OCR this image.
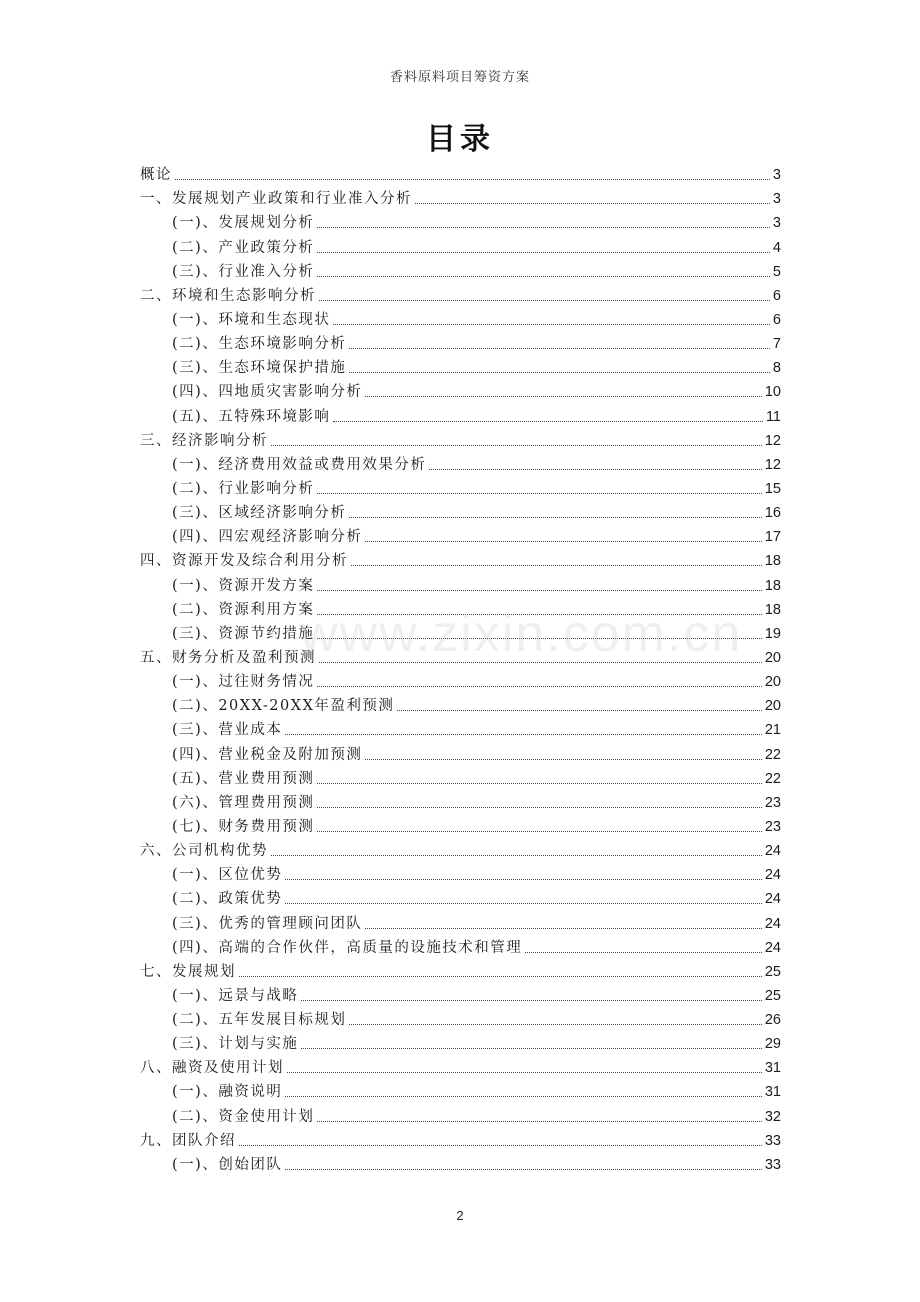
香料原料项目筹资方案
目录
概论	3
一、发展规划产业政策和行业准入分析	3
(一)、发展规划分析	3
(二)、产业政策分析	4
(三)、行业准入分析	5
二、环境和生态影响分析	6
(一)、环境和生态现状	6
(二)、生态环境影响分析	7
(三)、生态环境保护措施	8
(四)、四地质灾害影响分析	10
(五)、五特殊环境影响	11
三、经济影响分析	12
(一)、经济费用效益或费用效果分析	12
(二)、行业影响分析	15
(三)、区域经济影响分析	16
(四)、四宏观经济影响分析	17
四、资源开发及综合利用分析	18
(一)、资源开发方案	18
(二)、资源利用方案	18
(三)、资源节约措施	19
五、财务分析及盈利预测	20
(一)、过往财务情况	20
(二)、20XX-20XX年盈利预测	20
(三)、营业成本	21
(四)、营业税金及附加预测	22
(五)、营业费用预测	22
(六)、管理费用预测	23
(七)、财务费用预测	23
六、公司机构优势	24
(一)、区位优势	24
(二)、政策优势	24
(三)、优秀的管理顾问团队	24
(四)、高端的合作伙伴，高质量的设施技术和管理	24
七、发展规划	25
(一)、远景与战略	25
(二)、五年发展目标规划	26
(三)、计划与实施	29
八、融资及使用计划	31
(一)、融资说明	31
(二)、资金使用计划	32
九、团队介绍	33
(一)、创始团队	33
www.zixin.com.cn
2
